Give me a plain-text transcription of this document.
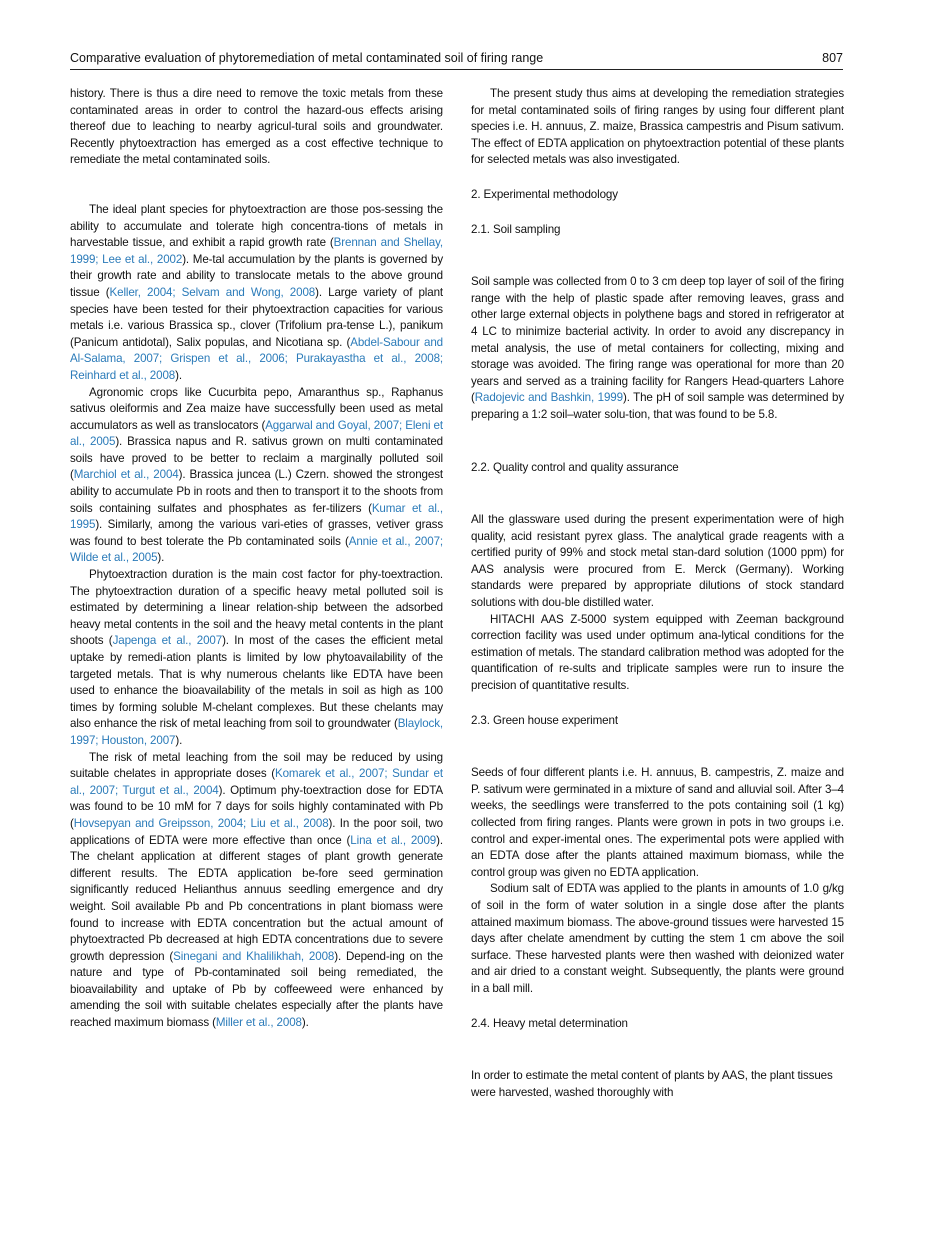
Comparative evaluation of phytoremediation of metal contaminated soil of firing range	807

history. There is thus a dire need to remove the toxic metals from these contaminated areas in order to control the hazard-ous effects arising thereof due to leaching to nearby agricul-tural soils and groundwater. Recently phytoextraction has emerged as a cost effective technique to remediate the metal contaminated soils.

The ideal plant species for phytoextraction are those pos-sessing the ability to accumulate and tolerate high concentra-tions of metals in harvestable tissue, and exhibit a rapid growth rate (Brennan and Shellay, 1999; Lee et al., 2002). Me-tal accumulation by the plants is governed by their growth rate and ability to translocate metals to the above ground tissue (Keller, 2004; Selvam and Wong, 2008). Large variety of plant species have been tested for their phytoextraction capacities for various metals i.e. various Brassica sp., clover (Trifolium pra-tense L.), panikum (Panicum antidotal), Salix populas, and Nicotiana sp. (Abdel-Sabour and Al-Salama, 2007; Grispen et al., 2006; Purakayastha et al., 2008; Reinhard et al., 2008).

Agronomic crops like Cucurbita pepo, Amaranthus sp., Raphanus sativus oleiformis and Zea maize have successfully been used as metal accumulators as well as translocators (Aggarwal and Goyal, 2007; Eleni et al., 2005). Brassica napus and R. sativus grown on multi contaminated soils have proved to be better to reclaim a marginally polluted soil (Marchiol et al., 2004). Brassica juncea (L.) Czern. showed the strongest ability to accumulate Pb in roots and then to transport it to the shoots from soils containing sulfates and phosphates as fer-tilizers (Kumar et al., 1995). Similarly, among the various vari-eties of grasses, vetiver grass was found to best tolerate the Pb contaminated soils (Annie et al., 2007; Wilde et al., 2005).

Phytoextraction duration is the main cost factor for phy-toextraction. The phytoextraction duration of a specific heavy metal polluted soil is estimated by determining a linear relation-ship between the adsorbed heavy metal contents in the soil and the heavy metal contents in the plant shoots (Japenga et al., 2007). In most of the cases the efficient metal uptake by remedi-ation plants is limited by low phytoavailability of the targeted metals. That is why numerous chelants like EDTA have been used to enhance the bioavailability of the metals in soil as high as 100 times by forming soluble M-chelant complexes. But these chelants may also enhance the risk of metal leaching from soil to groundwater (Blaylock, 1997; Houston, 2007).

The risk of metal leaching from the soil may be reduced by using suitable chelates in appropriate doses (Komarek et al., 2007; Sundar et al., 2007; Turgut et al., 2004). Optimum phy-toextraction dose for EDTA was found to be 10 mM for 7 days for soils highly contaminated with Pb (Hovsepyan and Greipsson, 2004; Liu et al., 2008). In the poor soil, two applications of EDTA were more effective than once (Lina et al., 2009). The chelant application at different stages of plant growth generate different results. The EDTA application be-fore seed germination significantly reduced Helianthus annuus seedling emergence and dry weight. Soil available Pb and Pb concentrations in plant biomass were found to increase with EDTA concentration but the actual amount of phytoextracted Pb decreased at high EDTA concentrations due to severe growth depression (Sinegani and Khalilikhah, 2008). Depend-ing on the nature and type of Pb-contaminated soil being remediated, the bioavailability and uptake of Pb by coffeeweed were enhanced by amending the soil with suitable chelates especially after the plants have reached maximum biomass (Miller et al., 2008).

The present study thus aims at developing the remediation strategies for metal contaminated soils of firing ranges by using four different plant species i.e. H. annuus, Z. maize, Brassica campestris and Pisum sativum. The effect of EDTA application on phytoextraction potential of these plants for selected metals was also investigated.

2. Experimental methodology
2.1. Soil sampling

Soil sample was collected from 0 to 3 cm deep top layer of soil of the firing range with the help of plastic spade after removing leaves, grass and other large external objects in polythene bags and stored in refrigerator at 4 LC to minimize bacterial activity. In order to avoid any discrepancy in metal analysis, the use of metal containers for collecting, mixing and storage was avoided. The firing range was operational for more than 20 years and served as a training facility for Rangers Head-quarters Lahore (Radojevic and Bashkin, 1999). The pH of soil sample was determined by preparing a 1:2 soil–water solu-tion, that was found to be 5.8.

2.2. Quality control and quality assurance

All the glassware used during the present experimentation were of high quality, acid resistant pyrex glass. The analytical grade reagents with a certified purity of 99% and stock metal stan-dard solution (1000 ppm) for AAS analysis were procured from E. Merck (Germany). Working standards were prepared by appropriate dilutions of stock standard solutions with dou-ble distilled water.

HITACHI AAS Z-5000 system equipped with Zeeman background correction facility was used under optimum ana-lytical conditions for the estimation of metals. The standard calibration method was adopted for the quantification of re-sults and triplicate samples were run to insure the precision of quantitative results.

2.3. Green house experiment

Seeds of four different plants i.e. H. annuus, B. campestris, Z. maize and P. sativum were germinated in a mixture of sand and alluvial soil. After 3–4 weeks, the seedlings were transferred to the pots containing soil (1 kg) collected from firing ranges. Plants were grown in pots in two groups i.e. control and exper-imental ones. The experimental pots were applied with an EDTA dose after the plants attained maximum biomass, while the control group was given no EDTA application.

Sodium salt of EDTA was applied to the plants in amounts of 1.0 g/kg of soil in the form of water solution in a single dose after the plants attained maximum biomass. The above-ground tissues were harvested 15 days after chelate amendment by cutting the stem 1 cm above the soil surface. These harvested plants were then washed with deionized water and air dried to a constant weight. Subsequently, the plants were ground in a ball mill.

2.4. Heavy metal determination

In order to estimate the metal content of plants by AAS, the plant tissues were harvested, washed thoroughly with
